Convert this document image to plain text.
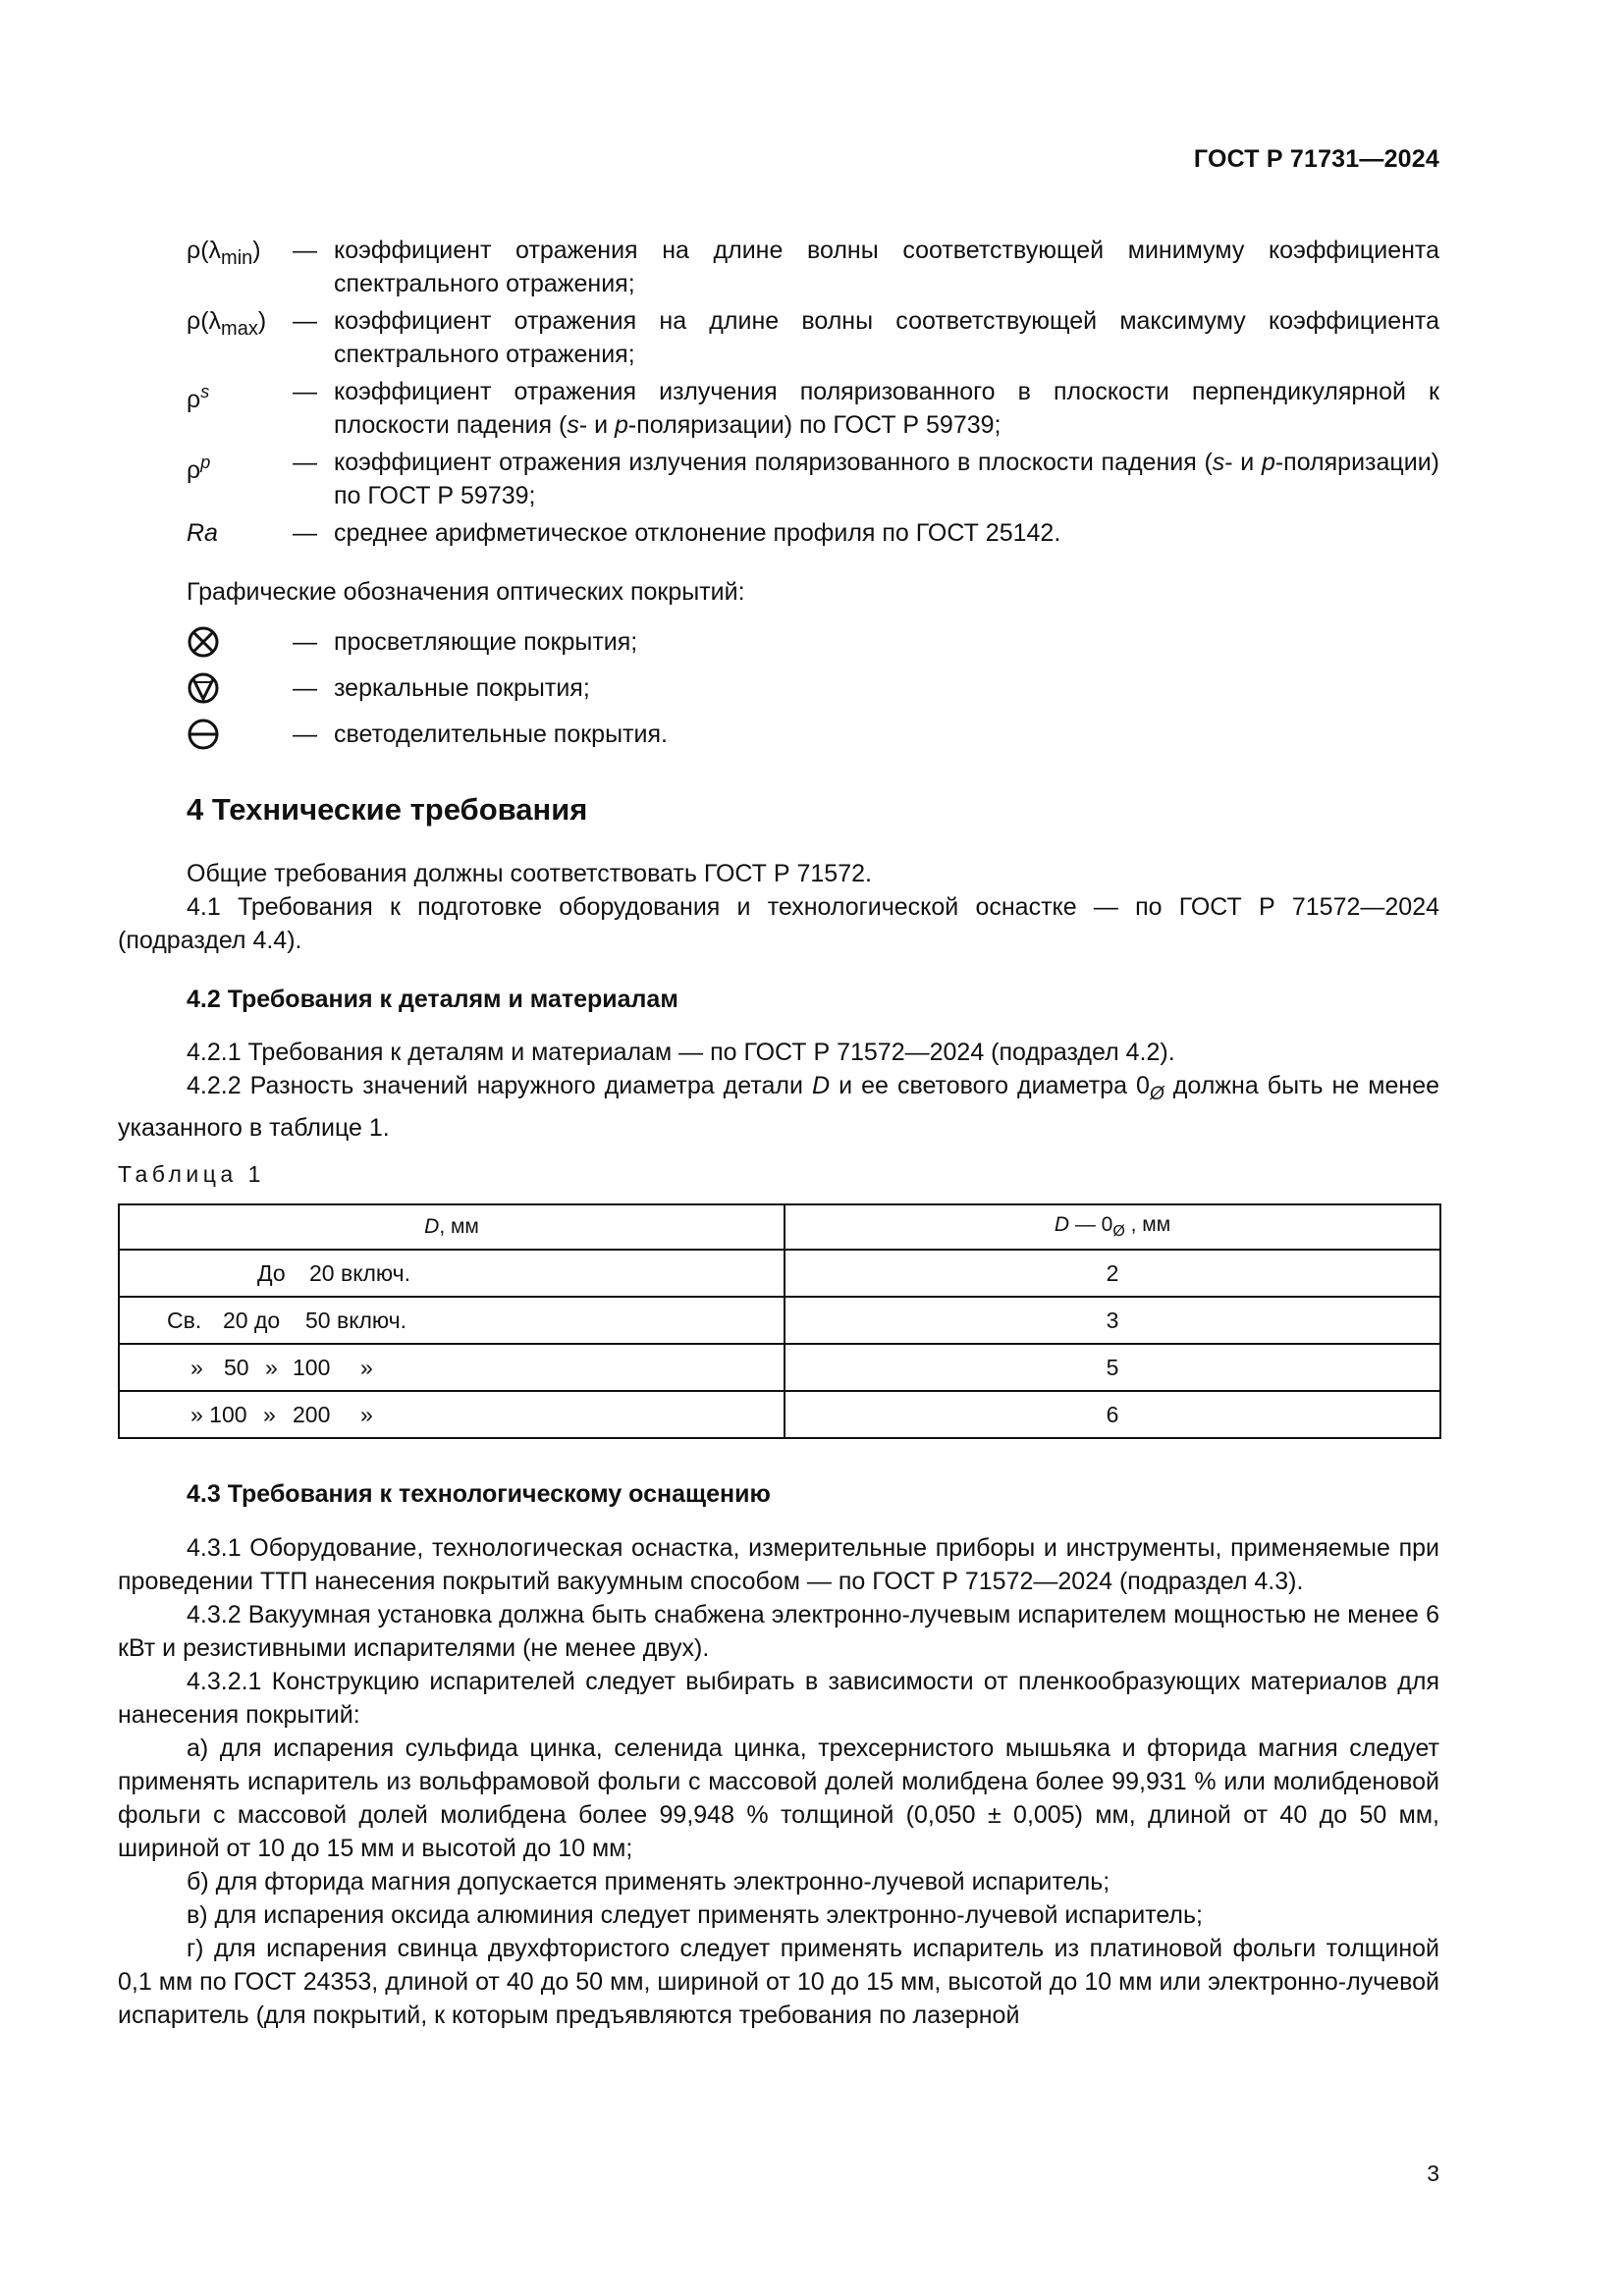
ГОСТ Р 71731—2024
$\rho(\lambda_{min})$	— коэффициент отражения на длине волны соответствующей минимуму коэффициента спектрального отражения;
$\rho(\lambda_{max})$	— коэффициент отражения на длине волны соответствующей максимуму коэффициента спектрального отражения;
$\rho^s$	— коэффициент отражения излучения поляризованного в плоскости перпендикулярной к плоскости падения (s- и p-поляризации) по ГОСТ Р 59739;
$\rho^p$	— коэффициент отражения излучения поляризованного в плоскости падения (s- и p-поляризации) по ГОСТ Р 59739;
Ra	— среднее арифметическое отклонение профиля по ГОСТ 25142.
Графические обозначения оптических покрытий:
— просветляющие покрытия;
— зеркальные покрытия;
— светоделительные покрытия.
4 Технические требования
Общие требования должны соответствовать ГОСТ Р 71572.
4.1 Требования к подготовке оборудования и технологической оснастке — по ГОСТ Р 71572—2024 (подраздел 4.4).
4.2 Требования к деталям и материалам
4.2.1 Требования к деталям и материалам — по ГОСТ Р 71572—2024 (подраздел 4.2).
4.2.2 Разность значений наружного диаметра детали D и ее светового диаметра $0_Ø$ должна быть не менее указанного в таблице 1.
Таблица 1
D, мм	D — $0_Ø$ , мм

До 20 включ.	2

Св. 20 до 50 включ.	3

» 50 » 100 »	5

» 100 » 200 »	6
4.3 Требования к технологическому оснащению
4.3.1 Оборудование, технологическая оснастка, измерительные приборы и инструменты, применяемые при проведении ТТП нанесения покрытий вакуумным способом — по ГОСТ Р 71572—2024 (подраздел 4.3).
4.3.2 Вакуумная установка должна быть снабжена электронно-лучевым испарителем мощностью не менее 6 кВт и резистивными испарителями (не менее двух).
4.3.2.1 Конструкцию испарителей следует выбирать в зависимости от пленкообразующих материалов для нанесения покрытий:
а) для испарения сульфида цинка, селенида цинка, трехсернистого мышьяка и фторида магния следует применять испаритель из вольфрамовой фольги с массовой долей молибдена более 99,931 % или молибденовой фольги с массовой долей молибдена более 99,948 % толщиной (0,050 ± 0,005) мм, длиной от 40 до 50 мм, шириной от 10 до 15 мм и высотой до 10 мм;
б) для фторида магния допускается применять электронно-лучевой испаритель;
в) для испарения оксида алюминия следует применять электронно-лучевой испаритель;
г) для испарения свинца двухфтористого следует применять испаритель из платиновой фольги толщиной 0,1 мм по ГОСТ 24353, длиной от 40 до 50 мм, шириной от 10 до 15 мм, высотой до 10 мм или электронно-лучевой испаритель (для покрытий, к которым предъявляются требования по лазерной
3
